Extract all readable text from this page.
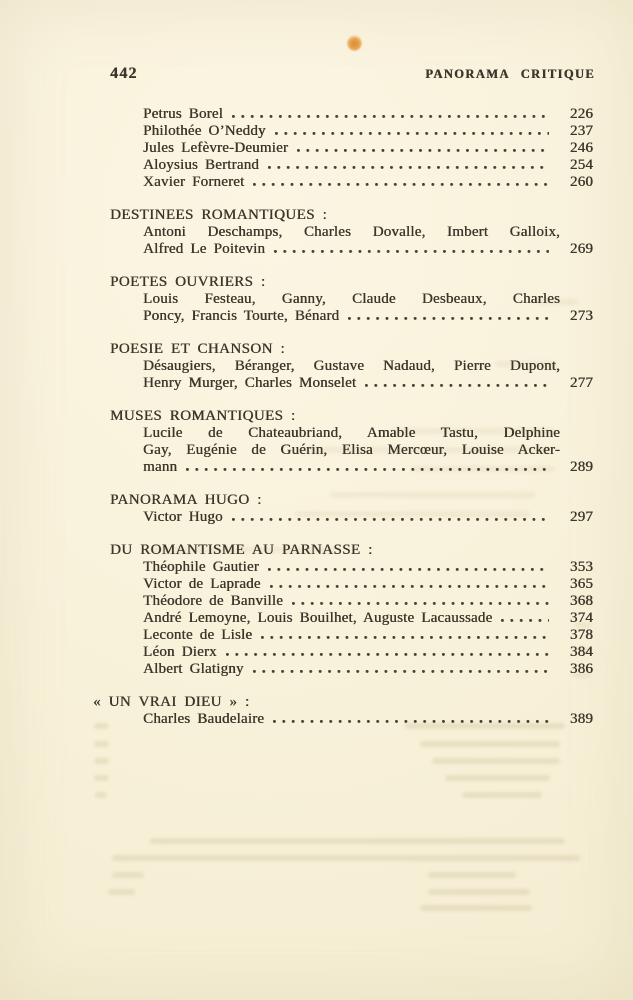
442	PANORAMA CRITIQUE
Petrus Borel	226
Philothée O’Neddy	237
Jules Lefèvre-Deumier	246
Aloysius Bertrand	254
Xavier Forneret	260
DESTINEES ROMANTIQUES :
Antoni Deschamps, Charles Dovalle, Imbert Galloix,
Alfred Le Poitevin	269
POETES OUVRIERS :
Louis Festeau, Ganny, Claude Desbeaux, Charles
Poncy, Francis Tourte, Bénard	273
POESIE ET CHANSON :
Désaugiers, Béranger, Gustave Nadaud, Pierre Dupont,
Henry Murger, Charles Monselet	277
MUSES ROMANTIQUES :
Lucile de Chateaubriand, Amable Tastu, Delphine
Gay, Eugénie de Guérin, Elisa Mercœur, Louise Acker-
mann	289
PANORAMA HUGO :
Victor Hugo	297
DU ROMANTISME AU PARNASSE :
Théophile Gautier	353
Victor de Laprade	365
Théodore de Banville	368
André Lemoyne, Louis Bouilhet, Auguste Lacaussade	374
Leconte de Lisle	378
Léon Dierx	384
Albert Glatigny	386
« UN VRAI DIEU » :
Charles Baudelaire	389
